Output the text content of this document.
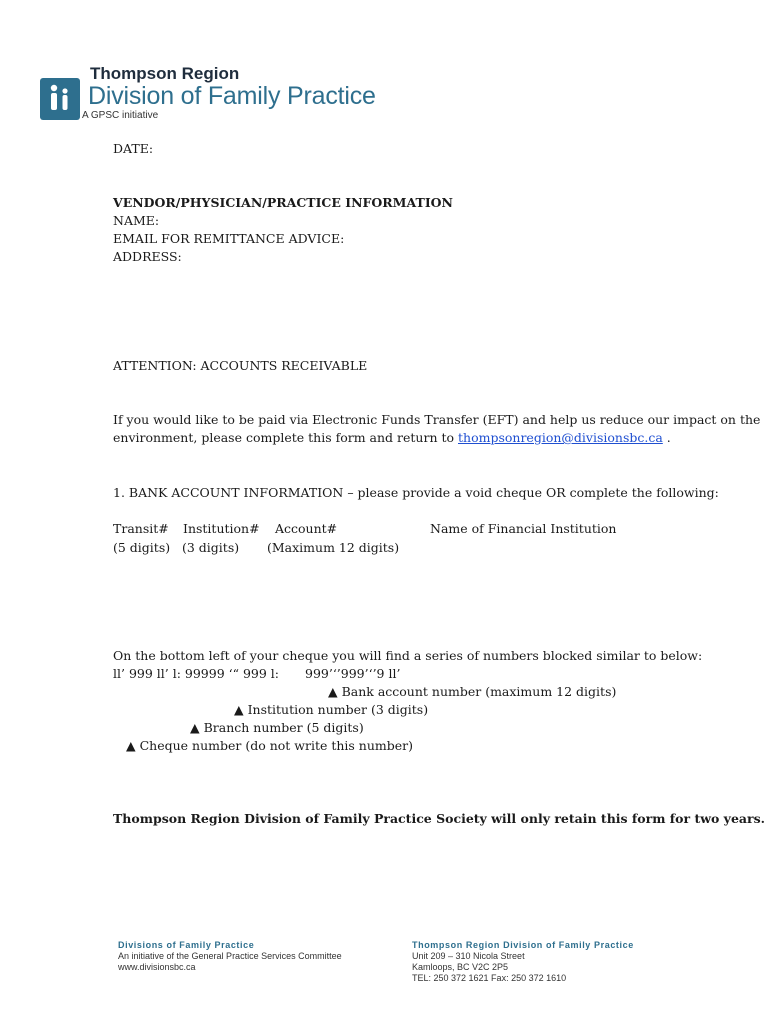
Thompson Region
Division of Family Practice
A GPSC initiative
DATE:
VENDOR/PHYSICIAN/PRACTICE INFORMATION
NAME:
EMAIL FOR REMITTANCE ADVICE:
ADDRESS:
ATTENTION: ACCOUNTS RECEIVABLE
If you would like to be paid via Electronic Funds Transfer (EFT) and help us reduce our impact on the
environment, please complete this form and return to thompsonregion@divisionsbc.ca .
1. BANK ACCOUNT INFORMATION – please provide a void cheque OR complete the following:
Transit# Institution# Account#	Name of Financial Institution
(5 digits) (3 digits) (Maximum 12 digits)
On the bottom left of your cheque you will find a series of numbers blocked similar to below:
ll’ 999 ll’ l: 99999 ‘“ 999 l: 999’‘’999’‘’9 ll’
▲ Bank account number (maximum 12 digits)
▲ Institution number (3 digits)
▲ Branch number (5 digits)
▲ Cheque number (do not write this number)
Thompson Region Division of Family Practice Society will only retain this form for two years.
Divisions of Family Practice
An initiative of the General Practice Services Committee
www.divisionsbc.ca
Thompson Region Division of Family Practice
Unit 209 – 310 Nicola Street
Kamloops, BC V2C 2P5
TEL: 250 372 1621 Fax: 250 372 1610
